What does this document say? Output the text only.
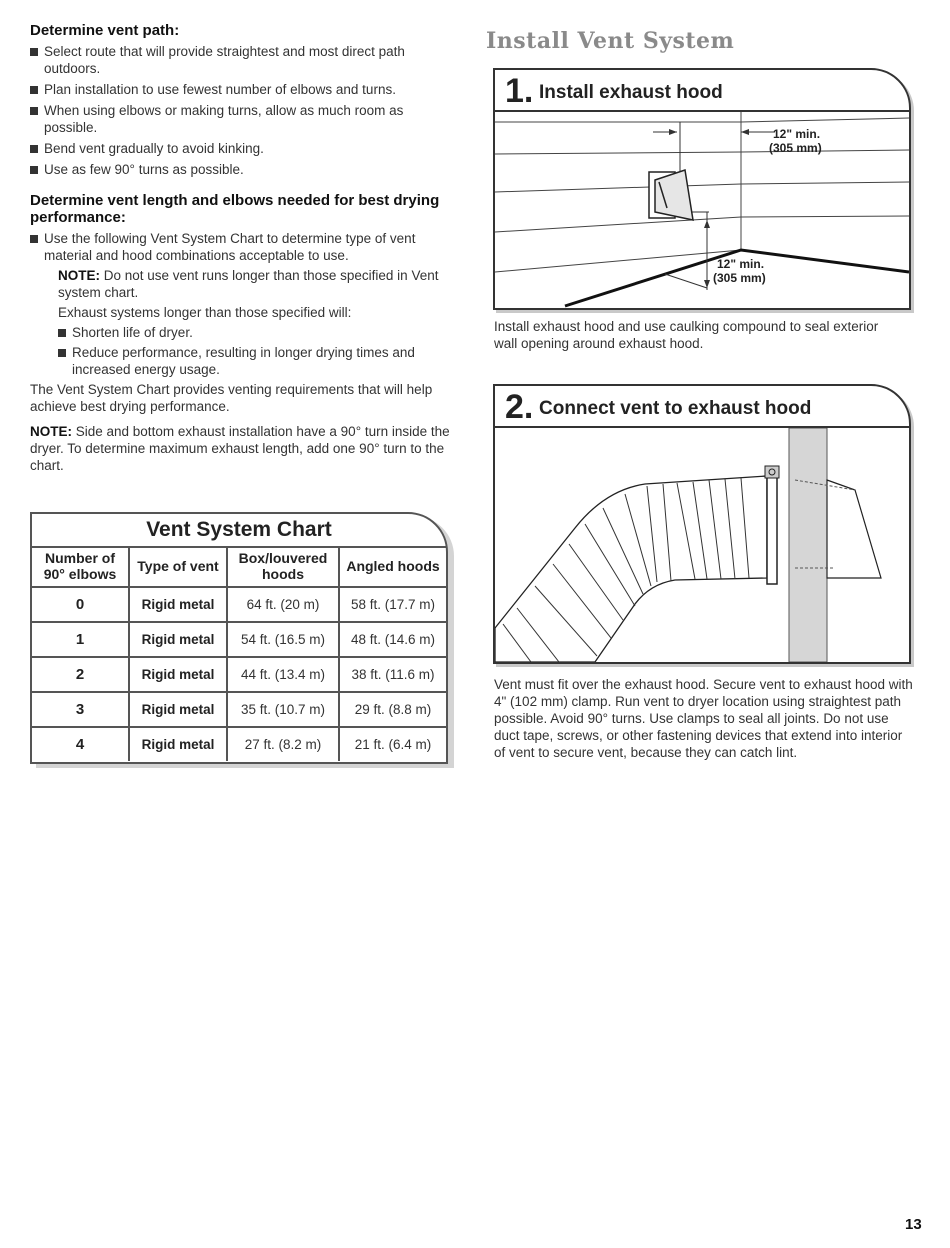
Determine vent path:

Select route that will provide straightest and most direct path outdoors.

Plan installation to use fewest number of elbows and turns.

When using elbows or making turns, allow as much room as possible.

Bend vent gradually to avoid kinking.

Use as few 90° turns as possible.

Determine vent length and elbows needed for best drying performance:

Use the following Vent System Chart to determine type of vent material and hood combinations acceptable to use.

NOTE: Do not use vent runs longer than those specified in Vent system chart.

Exhaust systems longer than those specified will:

Shorten life of dryer.

Reduce performance, resulting in longer drying times and increased energy usage.

The Vent System Chart provides venting requirements that will help achieve best drying performance.

NOTE: Side and bottom exhaust installation have a 90° turn inside the dryer. To determine maximum exhaust length, add one 90° turn to the chart.

Vent System Chart
Number of 90° elbows	Type of vent	Box/louvered hoods	Angled hoods
0	Rigid metal	64 ft. (20 m)	58 ft. (17.7 m)
1	Rigid metal	54 ft. (16.5 m)	48 ft. (14.6 m)
2	Rigid metal	44 ft. (13.4 m)	38 ft. (11.6 m)
3	Rigid metal	35 ft. (10.7 m)	29 ft. (8.8 m)
4	Rigid metal	27 ft. (8.2 m)	21 ft. (6.4 m)
Install Vent System
1. Install exhaust hood
12" min.
(305 mm)
12" min.
(305 mm)

Install exhaust hood and use caulking compound to seal exterior wall opening around exhaust hood.

2. Connect vent to exhaust hood

Vent must fit over the exhaust hood. Secure vent to exhaust hood with 4" (102 mm) clamp. Run vent to dryer location using straightest path possible. Avoid 90° turns. Use clamps to seal all joints. Do not use duct tape, screws, or other fastening devices that extend into interior of vent to secure vent, because they can catch lint.

13
